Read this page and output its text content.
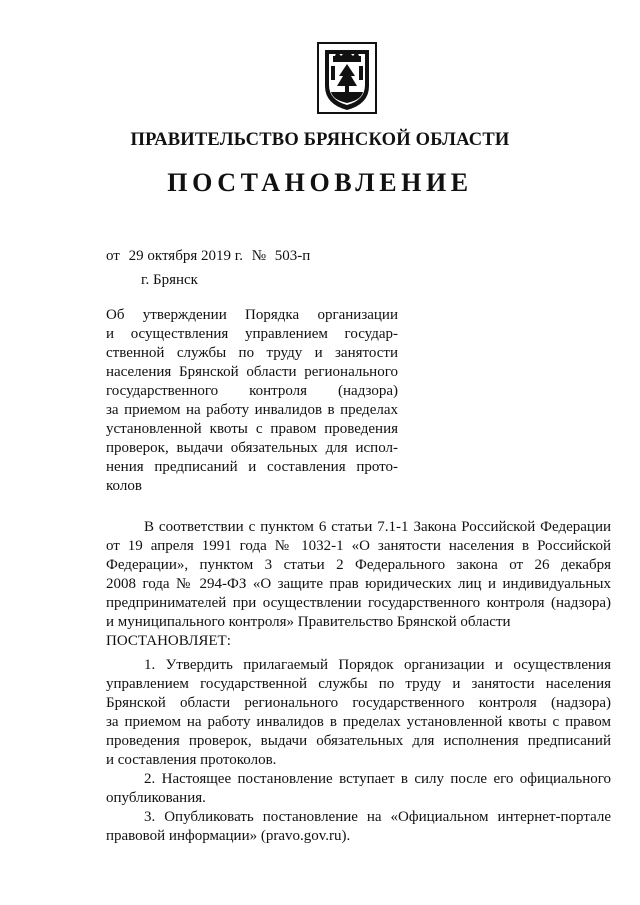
ПРАВИТЕЛЬСТВО БРЯНСКОЙ ОБЛАСТИ
ПОСТАНОВЛЕНИЕ
от 29 октября 2019 г. № 503-п
г. Брянск
Об утверждении Порядка организации
и осуществления управлением государ-
ственной службы по труду и занятости
населения Брянской области регионального
государственного контроля (надзора)
за приемом на работу инвалидов в пределах
установленной квоты с правом проведения
проверок, выдачи обязательных для испол-
нения предписаний и составления прото-
колов
В соответствии с пунктом 6 статьи 7.1-1 Закона Российской Федерации
от 19 апреля 1991 года № 1032-1 «О занятости населения в Российской
Федерации», пунктом 3 статьи 2 Федерального закона от 26 декабря
2008 года № 294-ФЗ «О защите прав юридических лиц и индивидуальных
предпринимателей при осуществлении государственного контроля (надзора)
и муниципального контроля» Правительство Брянской области
ПОСТАНОВЛЯЕТ:
1. Утвердить прилагаемый Порядок организации и осуществления
управлением государственной службы по труду и занятости населения
Брянской области регионального государственного контроля (надзора)
за приемом на работу инвалидов в пределах установленной квоты с правом
проведения проверок, выдачи обязательных для исполнения предписаний
и составления протоколов.
2. Настоящее постановление вступает в силу после его официального
опубликования.
3. Опубликовать постановление на «Официальном интернет-портале
правовой информации» (pravo.gov.ru).
